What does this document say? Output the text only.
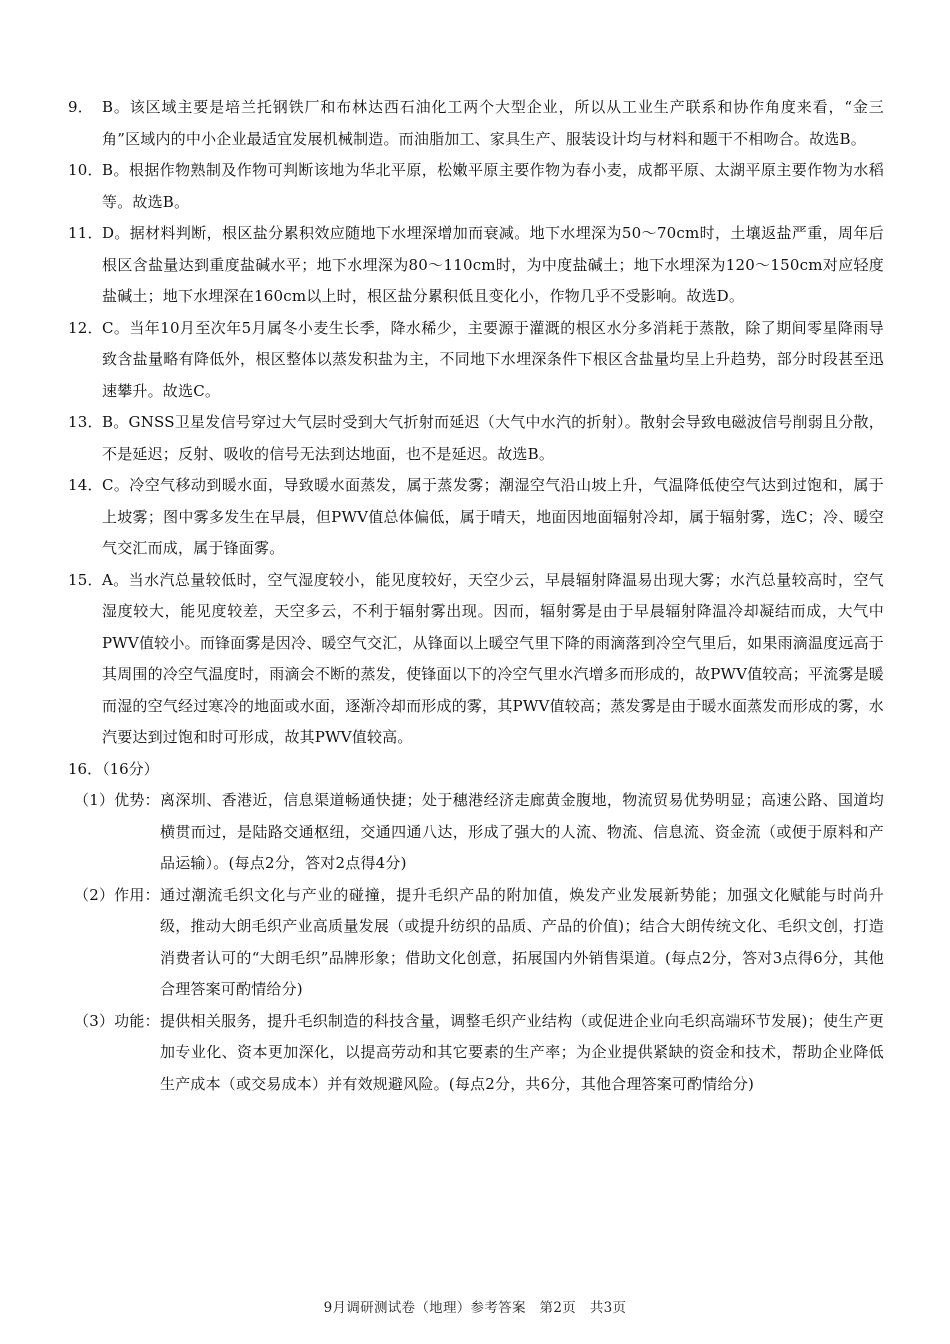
9． B。该区域主要是培兰托钢铁厂和布林达西石油化工两个大型企业，所以从工业生产联系和协作角度来看，“金三角”区域内的中小企业最适宜发展机械制造。而油脂加工、家具生产、服装设计均与材料和题干不相吻合。故选B。
10． B。根据作物熟制及作物可判断该地为华北平原，松嫩平原主要作物为春小麦，成都平原、太湖平原主要作物为水稻等。故选B。
11． D。据材料判断，根区盐分累积效应随地下水埋深增加而衰减。地下水埋深为50～70cm时，土壤返盐严重，周年后根区含盐量达到重度盐碱水平；地下水埋深为80～110cm时，为中度盐碱土；地下水埋深为120～150cm对应轻度盐碱土；地下水埋深在160cm以上时，根区盐分累积低且变化小，作物几乎不受影响。故选D。
12． C。当年10月至次年5月属冬小麦生长季，降水稀少，主要源于灌溉的根区水分多消耗于蒸散，除了期间零星降雨导致含盐量略有降低外，根区整体以蒸发积盐为主，不同地下水埋深条件下根区含盐量均呈上升趋势，部分时段甚至迅速攀升。故选C。
13． B。GNSS卫星发信号穿过大气层时受到大气折射而延迟（大气中水汽的折射）。散射会导致电磁波信号削弱且分散，不是延迟；反射、吸收的信号无法到达地面，也不是延迟。故选B。
14． C。冷空气移动到暖水面，导致暖水面蒸发，属于蒸发雾；潮湿空气沿山坡上升，气温降低使空气达到过饱和，属于上坡雾；图中雾多发生在早晨，但PWV值总体偏低，属于晴天，地面因地面辐射冷却，属于辐射雾，选C；冷、暖空气交汇而成，属于锋面雾。
15． A。当水汽总量较低时，空气湿度较小，能见度较好，天空少云，早晨辐射降温易出现大雾；水汽总量较高时，空气湿度较大，能见度较差，天空多云，不利于辐射雾出现。因而，辐射雾是由于早晨辐射降温冷却凝结而成，大气中PWV值较小。而锋面雾是因冷、暖空气交汇，从锋面以上暖空气里下降的雨滴落到冷空气里后，如果雨滴温度远高于其周围的冷空气温度时，雨滴会不断的蒸发，使锋面以下的冷空气里水汽增多而形成的，故PWV值较高；平流雾是暖而湿的空气经过寒冷的地面或水面，逐渐冷却而形成的雾，其PWV值较高；蒸发雾是由于暖水面蒸发而形成的雾，水汽要达到过饱和时可形成，故其PWV值较高。
16．（16分）
（1）优势： 离深圳、香港近，信息渠道畅通快捷；处于穗港经济走廊黄金腹地，物流贸易优势明显；高速公路、国道均横贯而过，是陆路交通枢纽，交通四通八达，形成了强大的人流、物流、信息流、资金流（或便于原料和产品运输）。(每点2分，答对2点得4分)
（2）作用： 通过潮流毛织文化与产业的碰撞，提升毛织产品的附加值，焕发产业发展新势能；加强文化赋能与时尚升级，推动大朗毛织产业高质量发展（或提升纺织的品质、产品的价值)；结合大朗传统文化、毛织文创，打造消费者认可的“大朗毛织”品牌形象；借助文化创意，拓展国内外销售渠道。(每点2分，答对3点得6分，其他合理答案可酌情给分)
（3）功能： 提供相关服务，提升毛织制造的科技含量，调整毛织产业结构（或促进企业向毛织高端环节发展)；使生产更加专业化、资本更加深化，以提高劳动和其它要素的生产率；为企业提供紧缺的资金和技术，帮助企业降低生产成本（或交易成本）并有效规避风险。(每点2分，共6分，其他合理答案可酌情给分)
9月调研测试卷（地理）参考答案　第2页　共3页
